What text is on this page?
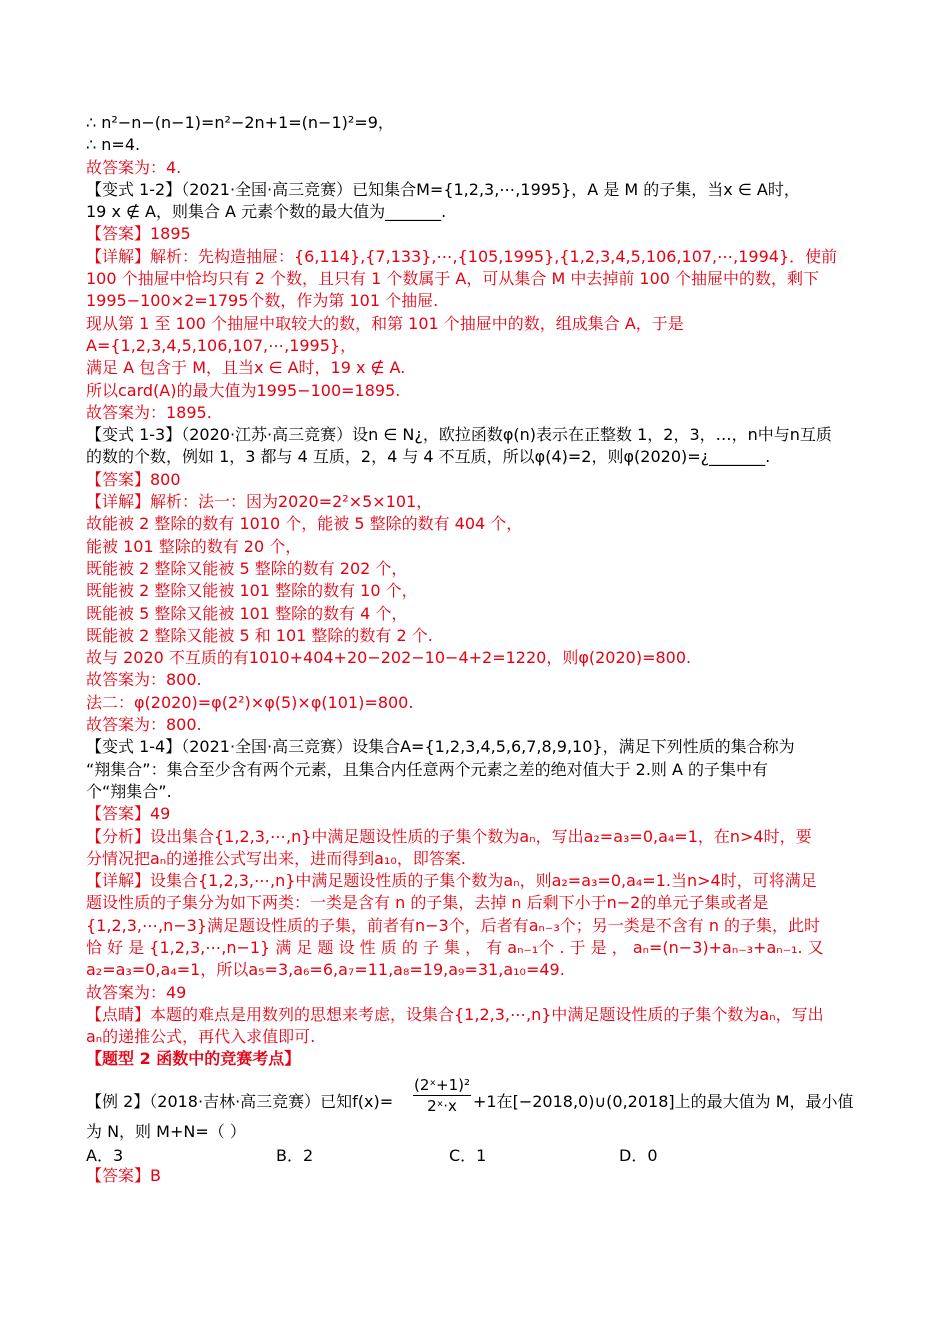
∴ n²−n−(n−1)=n²−2n+1=(n−1)²=9，
∴ n=4.
故答案为：4.
【变式 1-2】（2021·全国·高三竞赛）已知集合M={1,2,3,⋯,1995}，A 是 M 的子集，当x ∈ A时，
19 x ∉ A，则集合 A 元素个数的最大值为_______.
【答案】1895
【详解】解析：先构造抽屉：{6,114},{7,133},⋯,{105,1995},{1,2,3,4,5,106,107,⋯,1994}．使前
100 个抽屉中恰均只有 2 个数，且只有 1 个数属于 A，可从集合 M 中去掉前 100 个抽屉中的数，剩下
1995−100×2=1795个数，作为第 101 个抽屉.
现从第 1 至 100 个抽屉中取较大的数，和第 101 个抽屉中的数，组成集合 A，于是
A={1,2,3,4,5,106,107,⋯,1995}，
满足 A 包含于 M，且当x ∈ A时，19 x ∉ A.
所以card(A)的最大值为1995−100=1895.
故答案为：1895.
【变式 1-3】（2020·江苏·高三竞赛）设n ∈ N¿，欧拉函数φ(n)表示在正整数 1，2，3，…，n中与n互质
的数的个数，例如 1，3 都与 4 互质，2，4 与 4 不互质，所以φ(4)=2，则φ(2020)=¿_______.
【答案】800
【详解】解析：法一：因为2020=2²×5×101，
故能被 2 整除的数有 1010 个，能被 5 整除的数有 404 个，
能被 101 整除的数有 20 个，
既能被 2 整除又能被 5 整除的数有 202 个，
既能被 2 整除又能被 101 整除的数有 10 个，
既能被 5 整除又能被 101 整除的数有 4 个，
既能被 2 整除又能被 5 和 101 整除的数有 2 个.
故与 2020 不互质的有1010+404+20−202−10−4+2=1220，则φ(2020)=800.
故答案为：800.
法二：φ(2020)=φ(2²)×φ(5)×φ(101)=800.
故答案为：800.
【变式 1-4】（2021·全国·高三竞赛）设集合A={1,2,3,4,5,6,7,8,9,10}，满足下列性质的集合称为
“翔集合”：集合至少含有两个元素，且集合内任意两个元素之差的绝对值大于 2.则 A 的子集中有
个“翔集合”.
【答案】49
【分析】设出集合{1,2,3,⋯,n}中满足题设性质的子集个数为aₙ，写出a₂=a₃=0,a₄=1，在n>4时，要
分情况把aₙ的递推公式写出来，进而得到a₁₀，即答案.
【详解】设集合{1,2,3,⋯,n}中满足题设性质的子集个数为aₙ，则a₂=a₃=0,a₄=1.当n>4时，可将满足
题设性质的子集分为如下两类：一类是含有 n 的子集，去掉 n 后剩下小于n−2的单元子集或者是
{1,2,3,⋯,n−3}满足题设性质的子集，前者有n−3个，后者有aₙ₋₃个；另一类是不含有 n 的子集，此时
恰 好 是 {1,2,3,⋯,n−1} 满 足 题 设 性 质 的 子 集 ， 有 aₙ₋₁个 . 于 是 ， aₙ=(n−3)+aₙ₋₃+aₙ₋₁. 又
a₂=a₃=0,a₄=1，所以a₅=3,a₆=6,a₇=11,a₈=19,a₉=31,a₁₀=49.
故答案为：49
【点睛】本题的难点是用数列的思想来考虑，设集合{1,2,3,⋯,n}中满足题设性质的子集个数为aₙ，写出
aₙ的递推公式，再代入求值即可.
【题型 2 函数中的竞赛考点】
【例 2】（2018·吉林·高三竞赛）已知$f(x)= \frac{\text{(2ˣ+1)²}}{\text{2ˣ·x}} +1$在[−2018,0)∪(0,2018]上的最大值为 M，最小值
为 N，则 M+N=（ ）
A．3	B．2	C．1	D．0
【答案】B
